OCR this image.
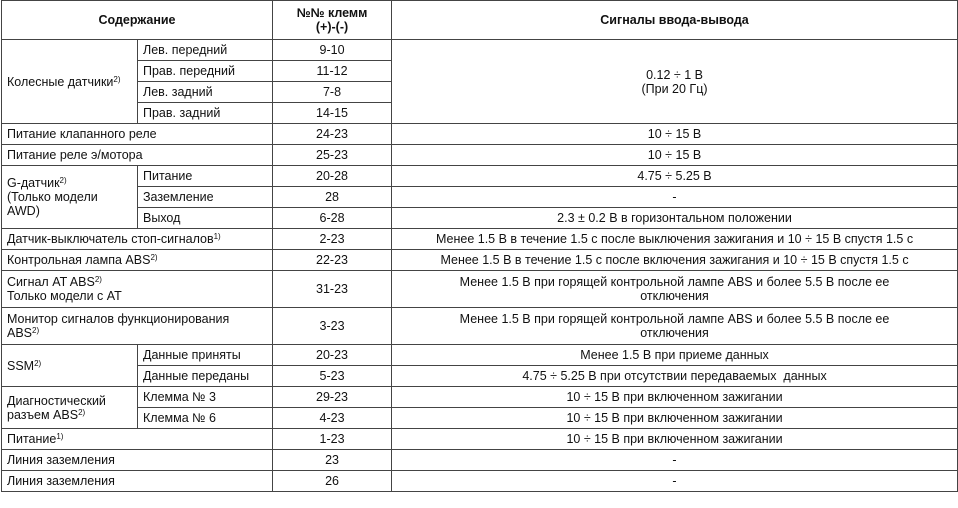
Содержание		№№ клемм
(+)-(-)	Сигналы ввода-вывода
Колесные датчики$^{2)}$	Лев. передний	9-10	0.12 ÷ 1 В
(При 20 Гц)
	Прав. передний	11-12	
	Лев. задний	7-8	
	Прав. задний	14-15	
Питание клапанного реле		24-23	10 ÷ 15 В
Питание реле э/мотора		25-23	10 ÷ 15 В
G-датчик$^{2)}$
(Только модели
AWD)	Питание	20-28	4.75 ÷ 5.25 В
	Заземление	28	-
	Выход	6-28	2.3 ± 0.2 В в горизонтальном положении
Датчик-выключатель стоп-сигналов$^{1)}$		2-23	Менее 1.5 В в течение 1.5 с после выключения зажигания и 10 ÷ 15 В спустя 1.5 с
Контрольная лампа ABS$^{2)}$		22-23	Менее 1.5 В в течение 1.5 с после включения зажигания и 10 ÷ 15 В спустя 1.5 с
Сигнал AT ABS$^{2)}$
Только модели с AT		31-23	Менее 1.5 В при горящей контрольной лампе ABS и более 5.5 В после ее
отключения
Монитор сигналов функционирования
ABS$^{2)}$		3-23	Менее 1.5 В при горящей контрольной лампе ABS и более 5.5 В после ее
отключения
SSM$^{2)}$	Данные приняты	20-23	Менее 1.5 В при приеме данных
	Данные переданы	5-23	4.75 ÷ 5.25 В при отсутствии передаваемых  данных
Диагностический
разъем ABS$^{2)}$	Клемма № 3	29-23	10 ÷ 15 В при включенном зажигании
	Клемма № 6	4-23	10 ÷ 15 В при включенном зажигании
Питание$^{1)}$		1-23	10 ÷ 15 В при включенном зажигании
Линия заземления		23	-
Линия заземления		26	-
